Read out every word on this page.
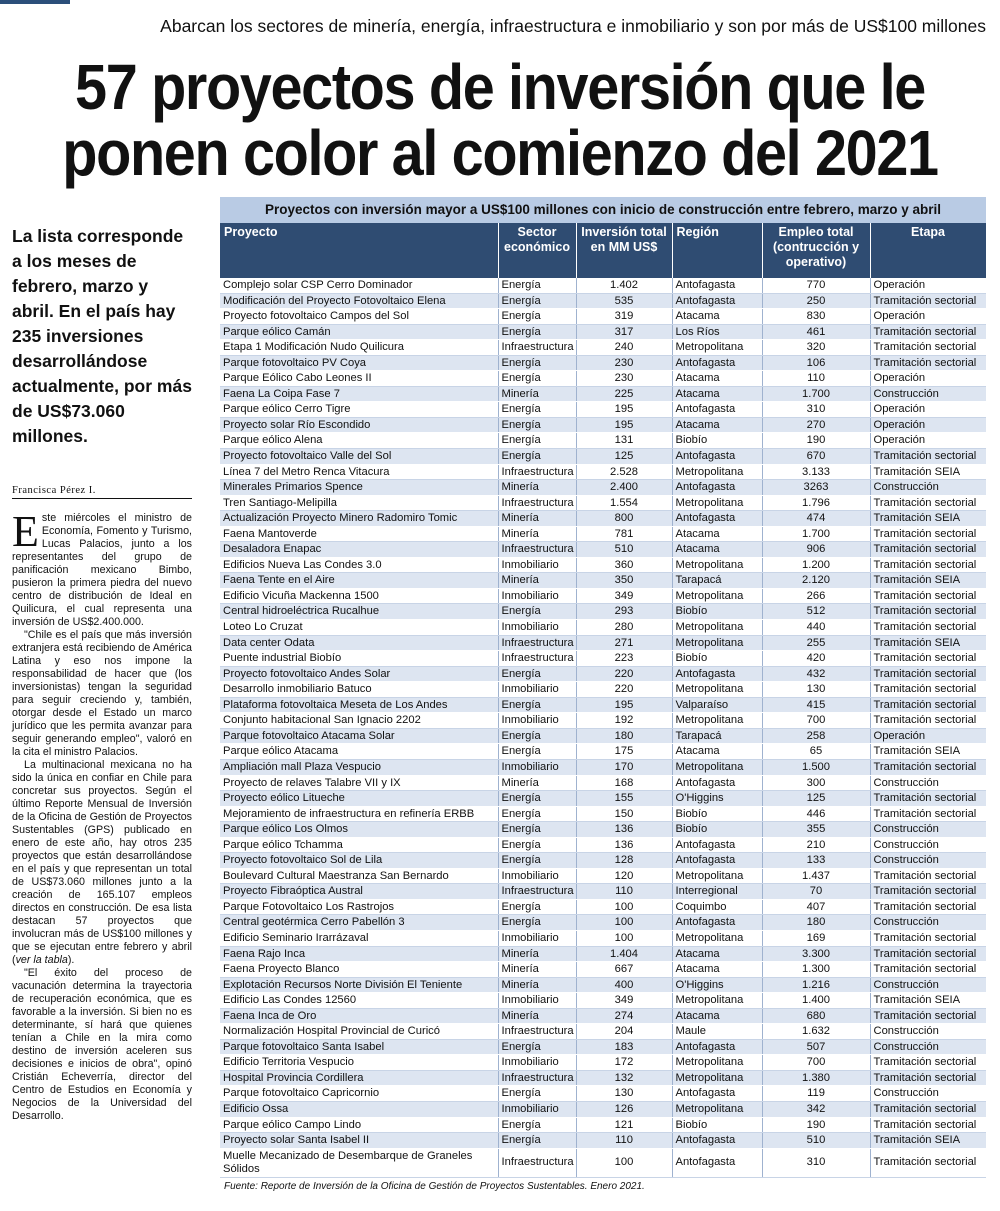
Abarcan los sectores de minería, energía, infraestructura e inmobiliario y son por más de US$100 millones
57 proyectos de inversión que le
ponen color al comienzo del 2021
La lista corresponde a los meses de febrero, marzo y abril. En el país hay 235 inversiones desarrollándose actualmente, por más de US$73.060 millones.
Francisca Pérez I.

Este miércoles el ministro de Economía, Fomento y Turismo, Lucas Palacios, junto a los representantes del grupo de panificación mexicano Bimbo, pusieron la primera piedra del nuevo centro de distribución de Ideal en Quilicura, el cual representa una inversión de US$2.400.000.

"Chile es el país que más inversión extranjera está recibiendo de América Latina y eso nos impone la responsabilidad de hacer que (los inversionistas) tengan la seguridad para seguir creciendo y, también, otorgar desde el Estado un marco jurídico que les permita avanzar para seguir generando empleo", valoró en la cita el ministro Palacios.

La multinacional mexicana no ha sido la única en confiar en Chile para concretar sus proyectos. Según el último Reporte Mensual de Inversión de la Oficina de Gestión de Proyectos Sustentables (GPS) publicado en enero de este año, hay otros 235 proyectos que están desarrollándose en el país y que representan un total de US$73.060 millones junto a la creación de 165.107 empleos directos en construcción. De esa lista destacan 57 proyectos que involucran más de US$100 millones y que se ejecutan entre febrero y abril (ver la tabla).

"El éxito del proceso de vacunación determina la trayectoria de recuperación económica, que es favorable a la inversión. Si bien no es determinante, sí hará que quienes tenían a Chile en la mira como destino de inversión aceleren sus decisiones e inicios de obra", opinó Cristián Echeverría, director del Centro de Estudios en Economía y Negocios de la Universidad del Desarrollo.

Proyectos con inversión mayor a US$100 millones con inicio de construcción entre febrero, marzo y abril
Proyecto	Sector económico	Inversión total en MM US$	Región	Empleo total (contrucción y operativo)	Etapa
Complejo solar CSP Cerro Dominador	Energía	1.402	Antofagasta	770	Operación
Modificación del Proyecto Fotovoltaico Elena	Energía	535	Antofagasta	250	Tramitación sectorial
Proyecto fotovoltaico Campos del Sol	Energía	319	Atacama	830	Operación
Parque eólico Camán	Energía	317	Los Ríos	461	Tramitación sectorial
Etapa 1 Modificación Nudo Quilicura	Infraestructura	240	Metropolitana	320	Tramitación sectorial
Parque fotovoltaico PV Coya	Energía	230	Antofagasta	106	Tramitación sectorial
Parque Eólico Cabo Leones II	Energía	230	Atacama	110	Operación
Faena La Coipa Fase 7	Minería	225	Atacama	1.700	Construcción
Parque eólico Cerro Tigre	Energía	195	Antofagasta	310	Operación
Proyecto solar Río Escondido	Energía	195	Atacama	270	Operación
Parque eólico Alena	Energía	131	Biobío	190	Operación
Proyecto fotovoltaico Valle del Sol	Energía	125	Antofagasta	670	Tramitación sectorial
Línea 7 del Metro Renca Vitacura	Infraestructura	2.528	Metropolitana	3.133	Tramitación SEIA
Minerales Primarios Spence	Minería	2.400	Antofagasta	3263	Construcción
Tren Santiago-Melipilla	Infraestructura	1.554	Metropolitana	1.796	Tramitación sectorial
Actualización Proyecto Minero Radomiro Tomic	Minería	800	Antofagasta	474	Tramitación SEIA
Faena Mantoverde	Minería	781	Atacama	1.700	Tramitación sectorial
Desaladora Enapac	Infraestructura	510	Atacama	906	Tramitación sectorial
Edificios Nueva Las Condes 3.0	Inmobiliario	360	Metropolitana	1.200	Tramitación sectorial
Faena Tente en el Aire	Minería	350	Tarapacá	2.120	Tramitación SEIA
Edificio Vicuña Mackenna 1500	Inmobiliario	349	Metropolitana	266	Tramitación sectorial
Central hidroeléctrica Rucalhue	Energía	293	Biobío	512	Tramitación sectorial
Loteo Lo Cruzat	Inmobiliario	280	Metropolitana	440	Tramitación sectorial
Data center Odata	Infraestructura	271	Metropolitana	255	Tramitación SEIA
Puente industrial Biobío	Infraestructura	223	Biobío	420	Tramitación sectorial
Proyecto fotovoltaico Andes Solar	Energía	220	Antofagasta	432	Tramitación sectorial
Desarrollo inmobiliario Batuco	Inmobiliario	220	Metropolitana	130	Tramitación sectorial
Plataforma fotovoltaica Meseta de Los Andes	Energía	195	Valparaíso	415	Tramitación sectorial
Conjunto habitacional San Ignacio 2202	Inmobiliario	192	Metropolitana	700	Tramitación sectorial
Parque fotovoltaico Atacama Solar	Energía	180	Tarapacá	258	Operación
Parque eólico Atacama	Energía	175	Atacama	65	Tramitación SEIA
Ampliación mall Plaza Vespucio	Inmobiliario	170	Metropolitana	1.500	Tramitación sectorial
Proyecto de relaves Talabre VII y IX	Minería	168	Antofagasta	300	Construcción
Proyecto eólico Litueche	Energía	155	O'Higgins	125	Tramitación sectorial
Mejoramiento de infraestructura en refinería ERBB	Energía	150	Biobío	446	Tramitación sectorial
Parque eólico Los Olmos	Energía	136	Biobío	355	Construcción
Parque eólico Tchamma	Energía	136	Antofagasta	210	Construcción
Proyecto fotovoltaico Sol de Lila	Energía	128	Antofagasta	133	Construcción
Boulevard Cultural Maestranza San Bernardo	Inmobiliario	120	Metropolitana	1.437	Tramitación sectorial
Proyecto Fibraóptica Austral	Infraestructura	110	Interregional	70	Tramitación sectorial
Parque Fotovoltaico Los Rastrojos	Energía	100	Coquimbo	407	Tramitación sectorial
Central geotérmica Cerro Pabellón 3	Energía	100	Antofagasta	180	Construcción
Edificio Seminario Irarrázaval	Inmobiliario	100	Metropolitana	169	Tramitación sectorial
Faena Rajo Inca	Minería	1.404	Atacama	3.300	Tramitación sectorial
Faena Proyecto Blanco	Minería	667	Atacama	1.300	Tramitación sectorial
Explotación Recursos Norte División El Teniente	Minería	400	O'Higgins	1.216	Construcción
Edificio Las Condes 12560	Inmobiliario	349	Metropolitana	1.400	Tramitación SEIA
Faena Inca de Oro	Minería	274	Atacama	680	Tramitación sectorial
Normalización Hospital Provincial de Curicó	Infraestructura	204	Maule	1.632	Construcción
Parque fotovoltaico Santa Isabel	Energía	183	Antofagasta	507	Construcción
Edificio Territoria Vespucio	Inmobiliario	172	Metropolitana	700	Tramitación sectorial
Hospital Provincia Cordillera	Infraestructura	132	Metropolitana	1.380	Tramitación sectorial
Parque fotovoltaico Capricornio	Energía	130	Antofagasta	119	Construcción
Edificio Ossa	Inmobiliario	126	Metropolitana	342	Tramitación sectorial
Parque eólico Campo Lindo	Energía	121	Biobío	190	Tramitación sectorial
Proyecto solar Santa Isabel II	Energía	110	Antofagasta	510	Tramitación SEIA
Muelle Mecanizado de Desembarque de Graneles Sólidos	Infraestructura	100	Antofagasta	310	Tramitación sectorial
Fuente: Reporte de Inversión de la Oficina de Gestión de Proyectos Sustentables. Enero 2021.
